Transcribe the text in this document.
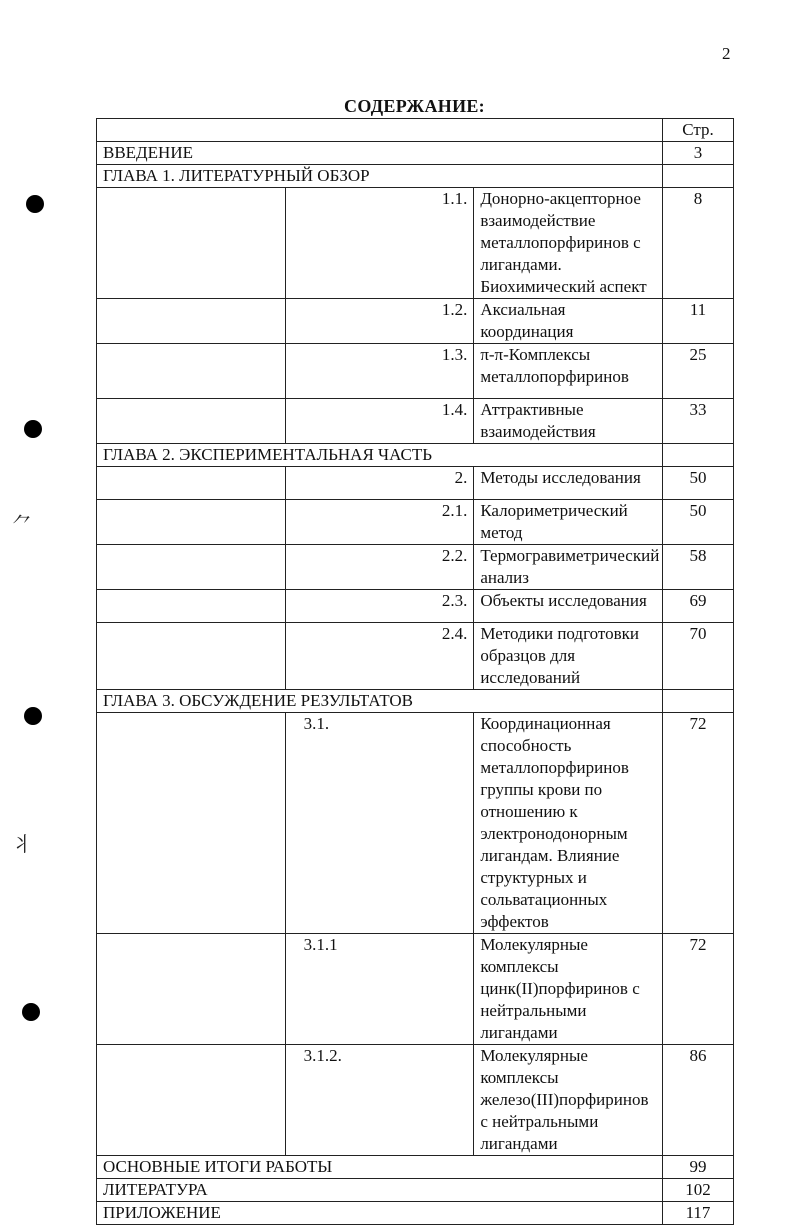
2
СОДЕРЖАНИЕ:
			Стр.
ВВЕДЕНИЕ			3
ГЛАВА 1. ЛИТЕРАТУРНЫЙ ОБЗОР			
	1.1.	Донорно-акцепторное взаимодействие металлопорфиринов с лигандами. Биохимический аспект	8
	1.2.	Аксиальная координация	11
	1.3.	π-π-Комплексы металлопорфиринов	25
	1.4.	Аттрактивные взаимодействия	33
ГЛАВА 2. ЭКСПЕРИМЕНТАЛЬНАЯ ЧАСТЬ			
	2.	Методы исследования	50
	2.1.	Калориметрический метод	50
	2.2.	Термогравиметрический анализ	58
	2.3.	Объекты исследования	69
	2.4.	Методики подготовки образцов для исследований	70
ГЛАВА 3. ОБСУЖДЕНИЕ РЕЗУЛЬТАТОВ			
	3.1.	Координационная способность металлопорфиринов группы крови по отношению к электронодонорным лигандам. Влияние структурных и сольватационных эффектов	72
	3.1.1	Молекулярные комплексы цинк(II)порфиринов с нейтральными лигандами	72
	3.1.2.	Молекулярные комплексы железо(III)порфиринов с нейтральными лигандами	86
ОСНОВНЫЕ ИТОГИ РАБОТЫ			99
ЛИТЕРАТУРА			102
ПРИЛОЖЕНИЕ			117
⺈
⺦
